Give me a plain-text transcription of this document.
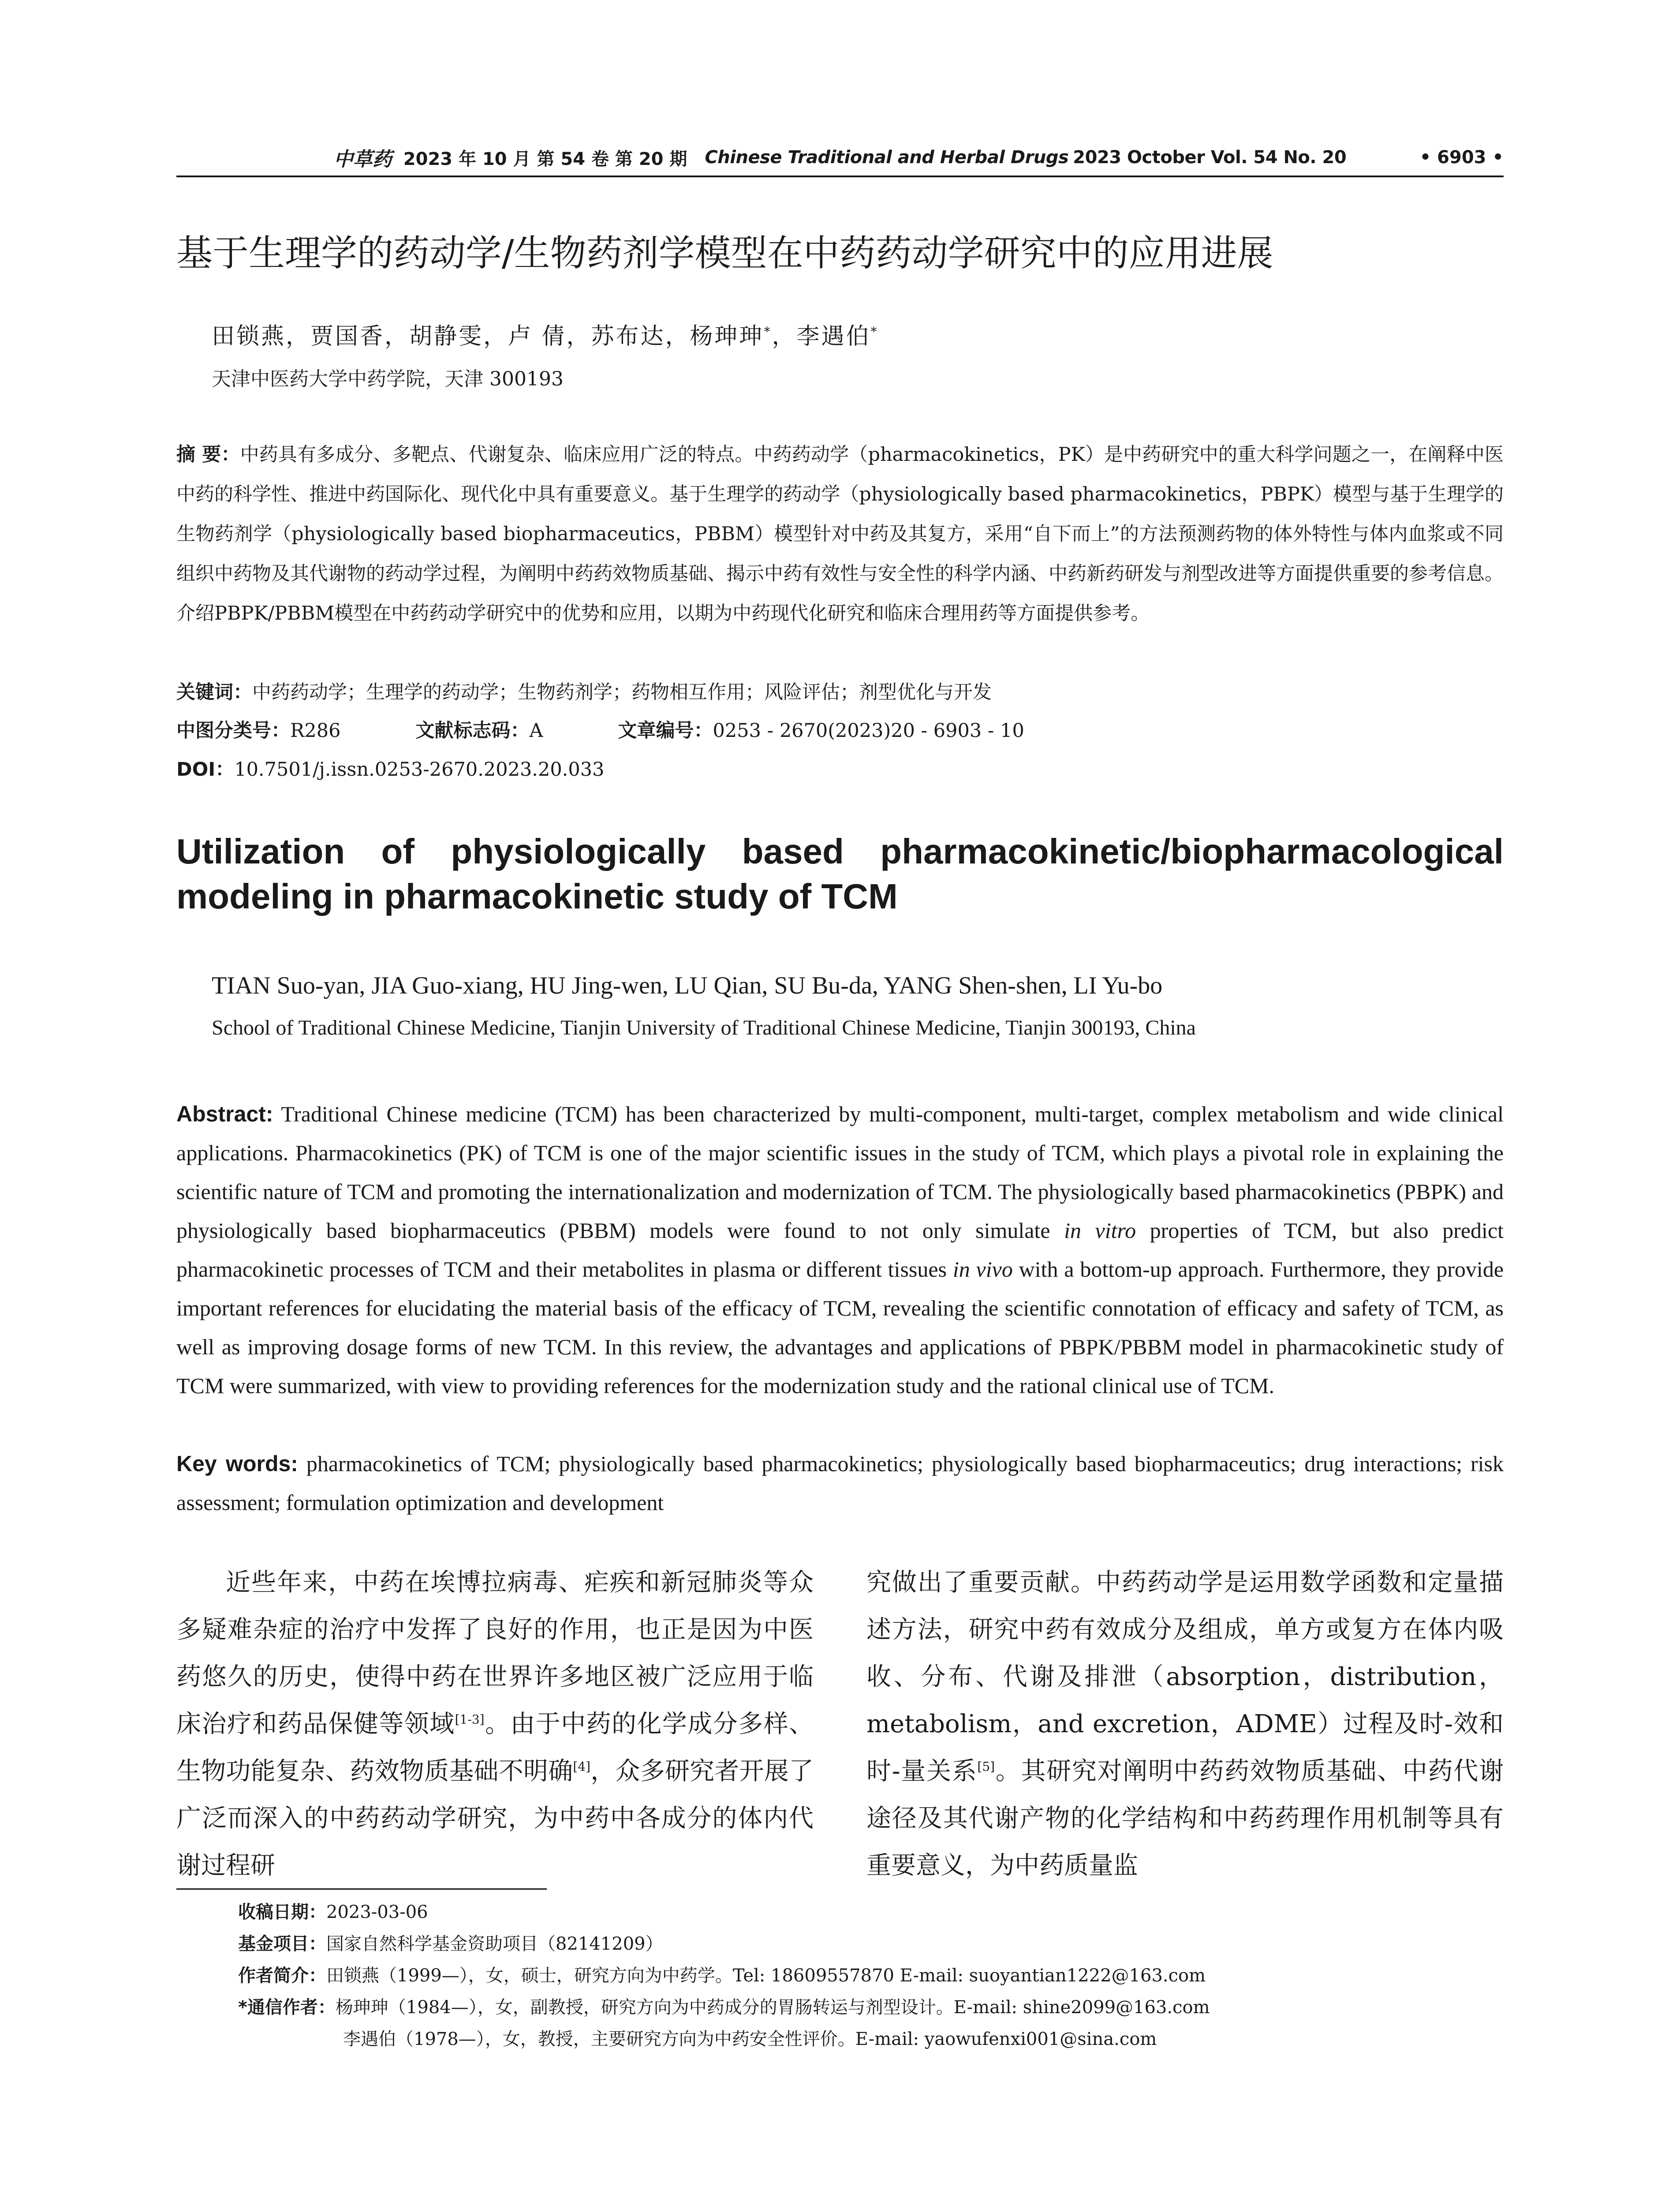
中草药 2023 年 10 月 第 54 卷 第 20 期 Chinese Traditional and Herbal Drugs 2023 October Vol. 54 No. 20	• 6903 •
基于生理学的药动学/生物药剂学模型在中药药动学研究中的应用进展
田锁燕，贾国香，胡静雯，卢 倩，苏布达，杨珅珅*，李遇伯*
天津中医药大学中药学院，天津 300193
摘 要：中药具有多成分、多靶点、代谢复杂、临床应用广泛的特点。中药药动学（pharmacokinetics，PK）是中药研究中的重大科学问题之一，在阐释中医中药的科学性、推进中药国际化、现代化中具有重要意义。基于生理学的药动学（physiologically based pharmacokinetics，PBPK）模型与基于生理学的生物药剂学（physiologically based biopharmaceutics，PBBM）模型针对中药及其复方，采用“自下而上”的方法预测药物的体外特性与体内血浆或不同组织中药物及其代谢物的药动学过程，为阐明中药药效物质基础、揭示中药有效性与安全性的科学内涵、中药新药研发与剂型改进等方面提供重要的参考信息。介绍PBPK/PBBM模型在中药药动学研究中的优势和应用，以期为中药现代化研究和临床合理用药等方面提供参考。
关键词：中药药动学；生理学的药动学；生物药剂学；药物相互作用；风险评估；剂型优化与开发
中图分类号：R286	文献标志码：A	文章编号：0253 - 2670(2023)20 - 6903 - 10
DOI：10.7501/j.issn.0253-2670.2023.20.033
Utilization of physiologically based pharmacokinetic/biopharmacological
modeling in pharmacokinetic study of TCM
TIAN Suo-yan, JIA Guo-xiang, HU Jing-wen, LU Qian, SU Bu-da, YANG Shen-shen, LI Yu-bo
School of Traditional Chinese Medicine, Tianjin University of Traditional Chinese Medicine, Tianjin 300193, China
Abstract: Traditional Chinese medicine (TCM) has been characterized by multi-component, multi-target, complex metabolism and wide clinical applications. Pharmacokinetics (PK) of TCM is one of the major scientific issues in the study of TCM, which plays a pivotal role in explaining the scientific nature of TCM and promoting the internationalization and modernization of TCM. The physiologically based pharmacokinetics (PBPK) and physiologically based biopharmaceutics (PBBM) models were found to not only simulate in vitro properties of TCM, but also predict pharmacokinetic processes of TCM and their metabolites in plasma or different tissues in vivo with a bottom-up approach. Furthermore, they provide important references for elucidating the material basis of the efficacy of TCM, revealing the scientific connotation of efficacy and safety of TCM, as well as improving dosage forms of new TCM. In this review, the advantages and applications of PBPK/PBBM model in pharmacokinetic study of TCM were summarized, with view to providing references for the modernization study and the rational clinical use of TCM.
Key words: pharmacokinetics of TCM; physiologically based pharmacokinetics; physiologically based biopharmaceutics; drug interactions; risk assessment; formulation optimization and development
近些年来，中药在埃博拉病毒、疟疾和新冠肺炎等众多疑难杂症的治疗中发挥了良好的作用，也正是因为中医药悠久的历史，使得中药在世界许多地区被广泛应用于临床治疗和药品保健等领域[1-3]。由于中药的化学成分多样、生物功能复杂、药效物质基础不明确[4]，众多研究者开展了广泛而深入的中药药动学研究，为中药中各成分的体内代谢过程研
究做出了重要贡献。中药药动学是运用数学函数和定量描述方法，研究中药有效成分及组成，单方或复方在体内吸收、分布、代谢及排泄（absorption，distribution，metabolism，and excretion，ADME）过程及时-效和时-量关系[5]。其研究对阐明中药药效物质基础、中药代谢途径及其代谢产物的化学结构和中药药理作用机制等具有重要意义，为中药质量监
收稿日期：2023-03-06
基金项目：国家自然科学基金资助项目（82141209）
作者简介：田锁燕（1999—），女，硕士，研究方向为中药学。Tel: 18609557870 E-mail: suoyantian1222@163.com
*通信作者：杨珅珅（1984—），女，副教授，研究方向为中药成分的胃肠转运与剂型设计。E-mail: shine2099@163.com
李遇伯（1978—），女，教授，主要研究方向为中药安全性评价。E-mail: yaowufenxi001@sina.com
